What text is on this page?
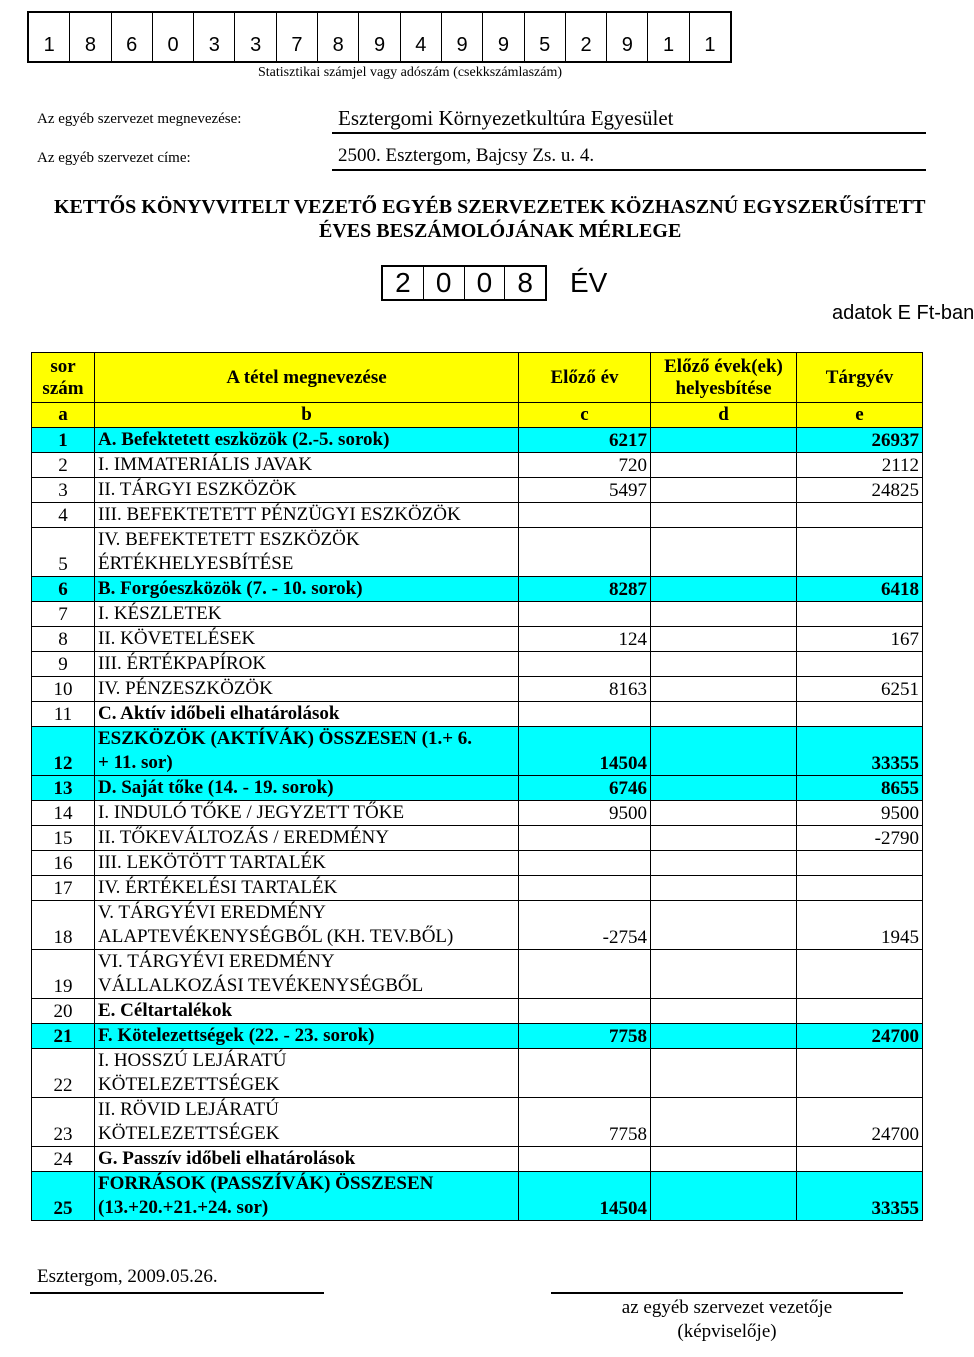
1	8	6	0	3	3	7	8	9	4	9	9	5	2	9	1	1
Statisztikai számjel vagy adószám (csekkszámlaszám)
Az egyéb szervezet megnevezése:	Esztergomi Környezetkultúra Egyesület
Az egyéb szervezet címe:	2500. Esztergom, Bajcsy Zs. u. 4.
KETTŐS KÖNYVVITELT VEZETŐ EGYÉB SZERVEZETEK KÖZHASZNÚ EGYSZERŰSÍTETT
ÉVES BESZÁMOLÓJÁNAK MÉRLEGE
2 0 0 8	ÉV
adatok E Ft-ban
sor
szám	A tétel megnevezése	Előző év	Előző évek(ek)
helyesbítése	Tárgyév
a	b	c	d	e
1	A. Befektetett eszközök (2.-5. sorok)	6217		26937
2	I. IMMATERIÁLIS JAVAK	720		2112
3	II. TÁRGYI ESZKÖZÖK	5497		24825
4	III. BEFEKTETETT PÉNZÜGYI ESZKÖZÖK			

5	IV. BEFEKTETETT ESZKÖZÖK
ÉRTÉKHELYESBÍTÉSE			

6	B. Forgóeszközök (7. - 10. sorok)	8287		6418
7	I. KÉSZLETEK			

8	II. KÖVETELÉSEK	124		167
9	III. ÉRTÉKPAPÍROK			

10	IV. PÉNZESZKÖZÖK	8163		6251
11	C. Aktív időbeli elhatárolások			

12	ESZKÖZÖK (AKTÍVÁK) ÖSSZESEN (1.+ 6.
+ 11. sor)	14504		33355
13	D. Saját tőke (14. - 19. sorok)	6746		8655
14	I. INDULÓ TŐKE / JEGYZETT TŐKE	9500		9500
15	II. TŐKEVÁLTOZÁS / EREDMÉNY			-2790
16	III. LEKÖTÖTT TARTALÉK			

17	IV. ÉRTÉKELÉSI TARTALÉK			

18	V. TÁRGYÉVI EREDMÉNY
ALAPTEVÉKENYSÉGBŐL (KH. TEV.BŐL)	-2754		1945
19	VI. TÁRGYÉVI EREDMÉNY
VÁLLALKOZÁSI TEVÉKENYSÉGBŐL			

20	E. Céltartalékok			

21	F. Kötelezettségek (22. - 23. sorok)	7758		24700
22	I. HOSSZÚ LEJÁRATÚ
KÖTELEZETTSÉGEK			

23	II. RÖVID LEJÁRATÚ
KÖTELEZETTSÉGEK	7758		24700
24	G. Passzív időbeli elhatárolások			

25	FORRÁSOK (PASSZÍVÁK) ÖSSZESEN
(13.+20.+21.+24. sor)	14504		33355
Esztergom, 2009.05.26.
az egyéb szervezet vezetője
(képviselője)
